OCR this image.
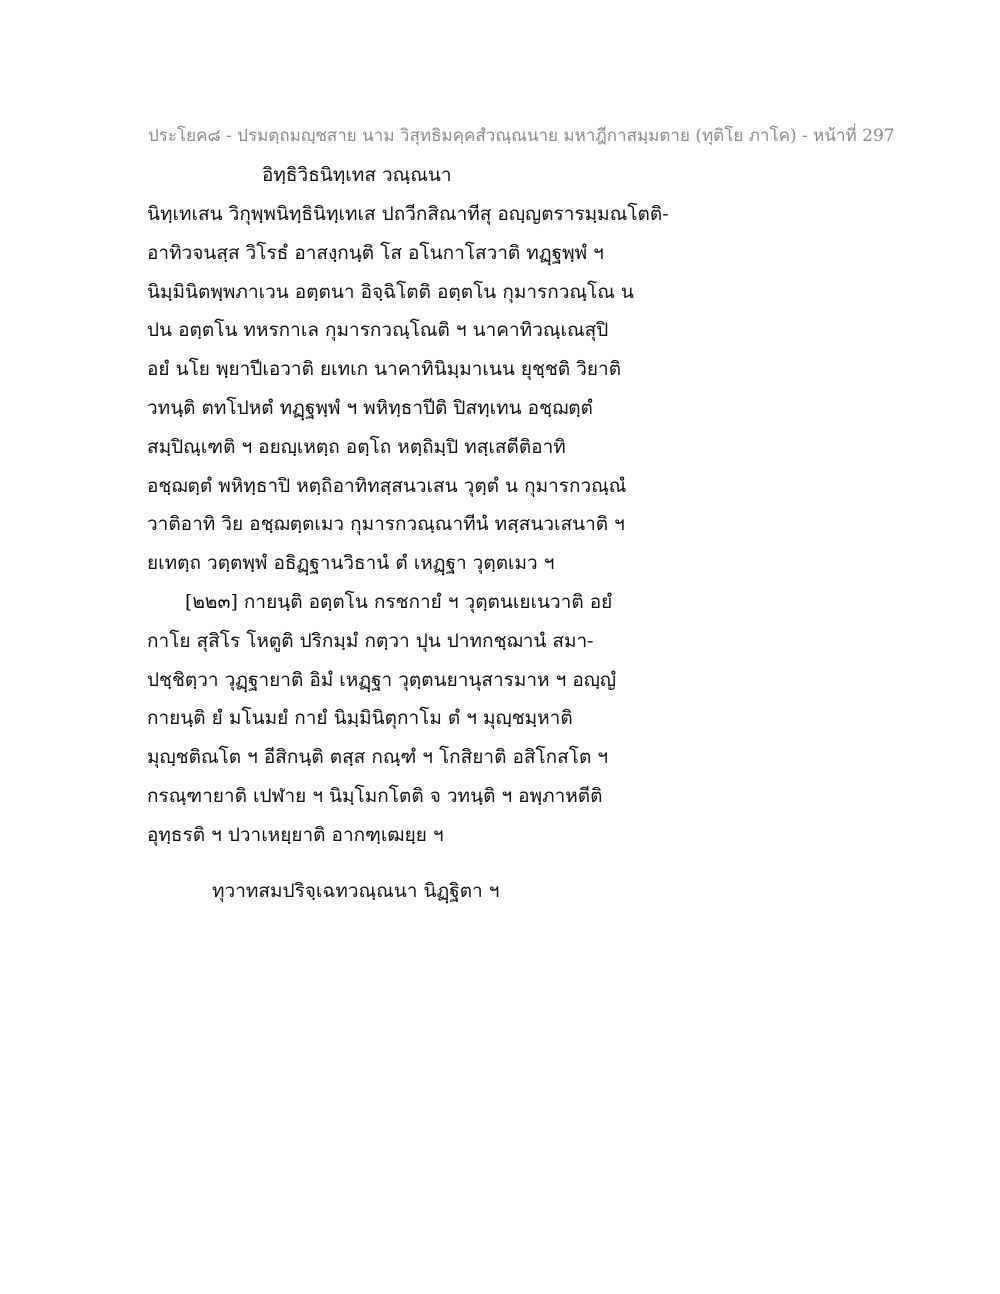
ประโยค๘ - ปรมตฺถมญฺชสาย นาม วิสุทธิมคฺคสํวณฺณนาย มหาฎีกาสมฺมตาย (ทุติโย ภาโค) - หน้าที่ 297
อิทฺธิวิธนิทฺเทส วณฺณนา
นิทฺเทเสน วิกุพฺพนิทฺธินิทฺเทเส ปถวีกสิณาทีสุ อญฺญตรารมฺมณโตติ-
อาทิวจนสฺส วิโรธํ อาสงฺกนฺติ โส อโนกาโสวาติ ทฏฺฐพฺพํ ฯ
นิมฺมินิตพฺพภาเวน อตฺตนา อิจฺฉิโตติ อตฺตโน กุมารกวณฺโณ น
ปน อตฺตโน ทหรกาเล กุมารกวณฺโณติ ฯ นาคาทิวณฺเณสุปิ
อยํ นโย พฺยาปีเอวาติ ยเทเก นาคาทินิมฺมาเนน ยุชฺชติ วิยาติ
วทนฺติ ตทโปหตํ ทฏฺฐพฺพํ ฯ พหิทฺธาปีติ ปิสทฺเทน อชฺฌตฺตํ
สมฺปิณฺเฑติ ฯ อยญฺเหตฺถ อตฺโถ หตฺถิมฺปิ ทสฺเสตีติอาทิ
อชฺฌตฺตํ พหิทฺธาปิ หตฺถิอาทิทสฺสนวเสน วุตฺตํ น กุมารกวณฺณํ
วาติอาทิ วิย อชฺฌตฺตเมว กุมารกวณฺณาทีนํ ทสฺสนวเสนาติ ฯ
ยเทตฺถ วตฺตพฺพํ อธิฏฺฐานวิธานํ ตํ เหฏฺฐา วุตฺตเมว ฯ
[๒๒๓] กายนฺติ อตฺตโน กรชกายํ ฯ วุตฺตนเยเนวาติ อยํ
กาโย สุสิโร โหตูติ ปริกมฺมํ กตฺวา ปุน ปาทกชฺฌานํ สมา-
ปชฺชิตฺวา วุฏฺฐายาติ อิมํ เหฏฺฐา วุตฺตนยานุสารมาห ฯ อญฺญํ
กายนฺติ ยํ มโนมยํ กายํ นิมฺมินิตุกาโม ตํ ฯ มุญฺชมฺหาติ
มุญฺชติณโต ฯ อีสิกนฺติ ตสฺส กณฺฑํ ฯ โกสิยาติ อสิโกสโต ฯ
กรณฺฑายาติ เปฬาย ฯ นิมฺโมกโตติ จ วทนฺติ ฯ อพฺภาหตีติ
อุทฺธรติ ฯ ปวาเหยฺยาติ อากฑฺเฒยฺย ฯ
ทุวาทสมปริจฺเฉทวณฺณนา นิฏฺฐิตา ฯ
